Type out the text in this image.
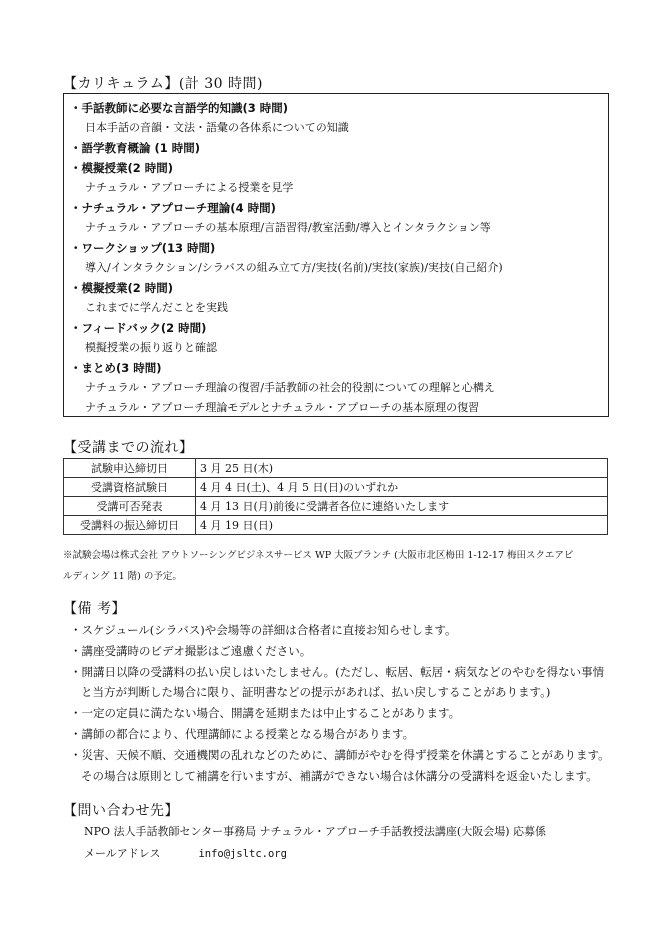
【カリキュラム】(計 30 時間)
・手話教師に必要な言語学的知識(3 時間)
日本手話の音韻・文法・語彙の各体系についての知識
・語学教育概論 (1 時間)
・模擬授業(2 時間)
ナチュラル・アプローチによる授業を見学
・ナチュラル・アプローチ理論(4 時間)
ナチュラル・アプローチの基本原理/言語習得/教室活動/導入とインタラクション等
・ワークショップ(13 時間)
導入/インタラクション/シラバスの組み立て方/実技(名前)/実技(家族)/実技(自己紹介)
・模擬授業(2 時間)
これまでに学んだことを実践
・フィードバック(2 時間)
模擬授業の振り返りと確認
・まとめ(3 時間)
ナチュラル・アプローチ理論の復習/手話教師の社会的役割についての理解と心構え
ナチュラル・アプローチ理論モデルとナチュラル・アプローチの基本原理の復習
【受講までの流れ】
試験申込締切日	3 月 25 日(木)
受講資格試験日	4 月 4 日(土)、4 月 5 日(日)のいずれか
受講可否発表	4 月 13 日(月)前後に受講者各位に連絡いたします
受講料の振込締切日	4 月 19 日(日)
※試験会場は株式会社 アウトソーシングビジネスサービス WP 大阪ブランチ (大阪市北区梅田 1-12-17 梅田スクエアビ
ルディング 11 階) の予定。
【備 考】
・スケジュール(シラバス)や会場等の詳細は合格者に直接お知らせします。
・講座受講時のビデオ撮影はご遠慮ください。
・開講日以降の受講料の払い戻しはいたしません。(ただし、転居、転居・病気などのやむを得ない事情
と当方が判断した場合に限り、証明書などの提示があれば、払い戻しすることがあります。)
・一定の定員に満たない場合、開講を延期または中止することがあります。
・講師の都合により、代理講師による授業となる場合があります。
・災害、天候不順、交通機関の乱れなどのために、講師がやむを得ず授業を休講とすることがあります。
その場合は原則として補講を行いますが、補講ができない場合は休講分の受講料を返金いたします。
【問い合わせ先】
NPO 法人手話教師センター事務局 ナチュラル・アプローチ手話教授法講座(大阪会場) 応募係
メールアドレス	info@jsltc.org
